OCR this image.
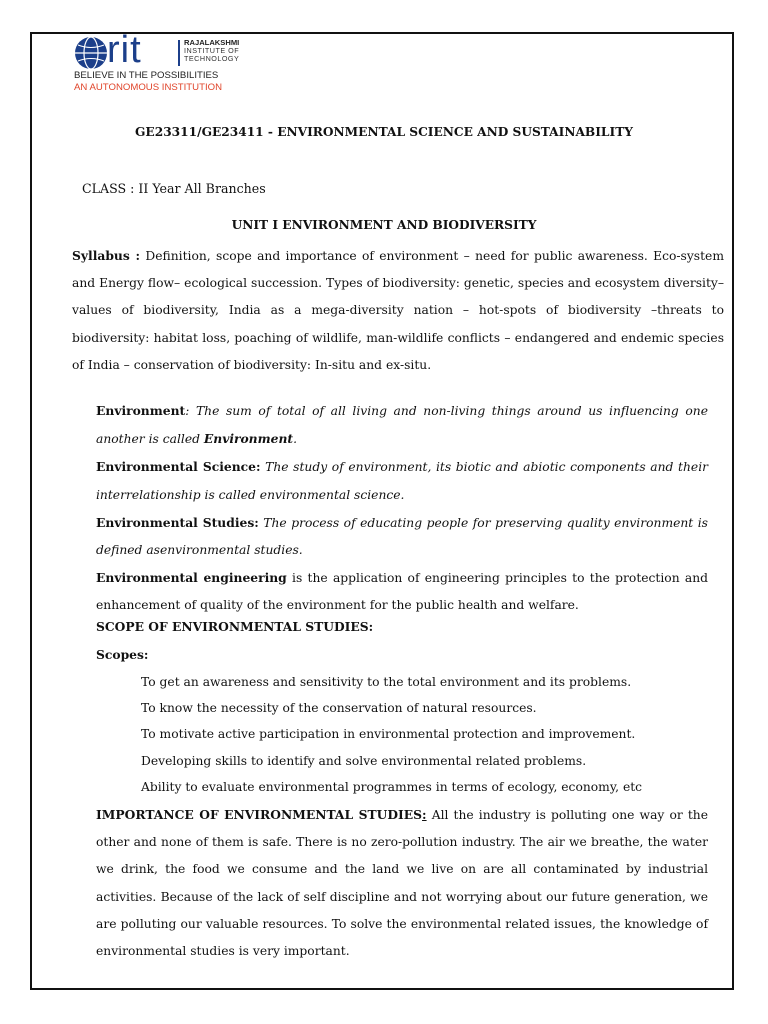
rit	RAJALAKSHMI
INSTITUTE OF
TECHNOLOGY
BELIEVE IN THE POSSIBILITIES
AN AUTONOMOUS INSTITUTION
GE23311/GE23411 - ENVIRONMENTAL SCIENCE AND SUSTAINABILITY
CLASS : II Year All Branches
UNIT I ENVIRONMENT AND BIODIVERSITY
Syllabus : Definition, scope and importance of environment – need for public awareness. Eco-system and Energy flow– ecological succession. Types of biodiversity: genetic, species and ecosystem diversity– values of biodiversity, India as a mega-diversity nation – hot-spots of biodiversity –threats to biodiversity: habitat loss, poaching of wildlife, man-wildlife conflicts – endangered and endemic species of India – conservation of biodiversity: In-situ and ex-situ.

Environment: The sum of total of all living and non-living things around us influencing one another is called Environment.

Environmental Science: The study of environment, its biotic and abiotic components and their interrelationship is called environmental science.

Environmental Studies: The process of educating people for preserving quality environment is defined asenvironmental studies.

Environmental engineering is the application of engineering principles to the protection and enhancement of quality of the environment for the public health and welfare.

SCOPE OF ENVIRONMENTAL STUDIES:
Scopes:
To get an awareness and sensitivity to the total environment and its problems.
To know the necessity of the conservation of natural resources.
To motivate active participation in environmental protection and improvement.
Developing skills to identify and solve environmental related problems.
Ability to evaluate environmental programmes in terms of ecology, economy, etc
IMPORTANCE OF ENVIRONMENTAL STUDIES: All the industry is polluting one way or the other and none of them is safe. There is no zero-pollution industry. The air we breathe, the water we drink, the food we consume and the land we live on are all contaminated by industrial activities. Because of the lack of self discipline and not worrying about our future generation, we are polluting our valuable resources. To solve the environmental related issues, the knowledge of environmental studies is very important.
